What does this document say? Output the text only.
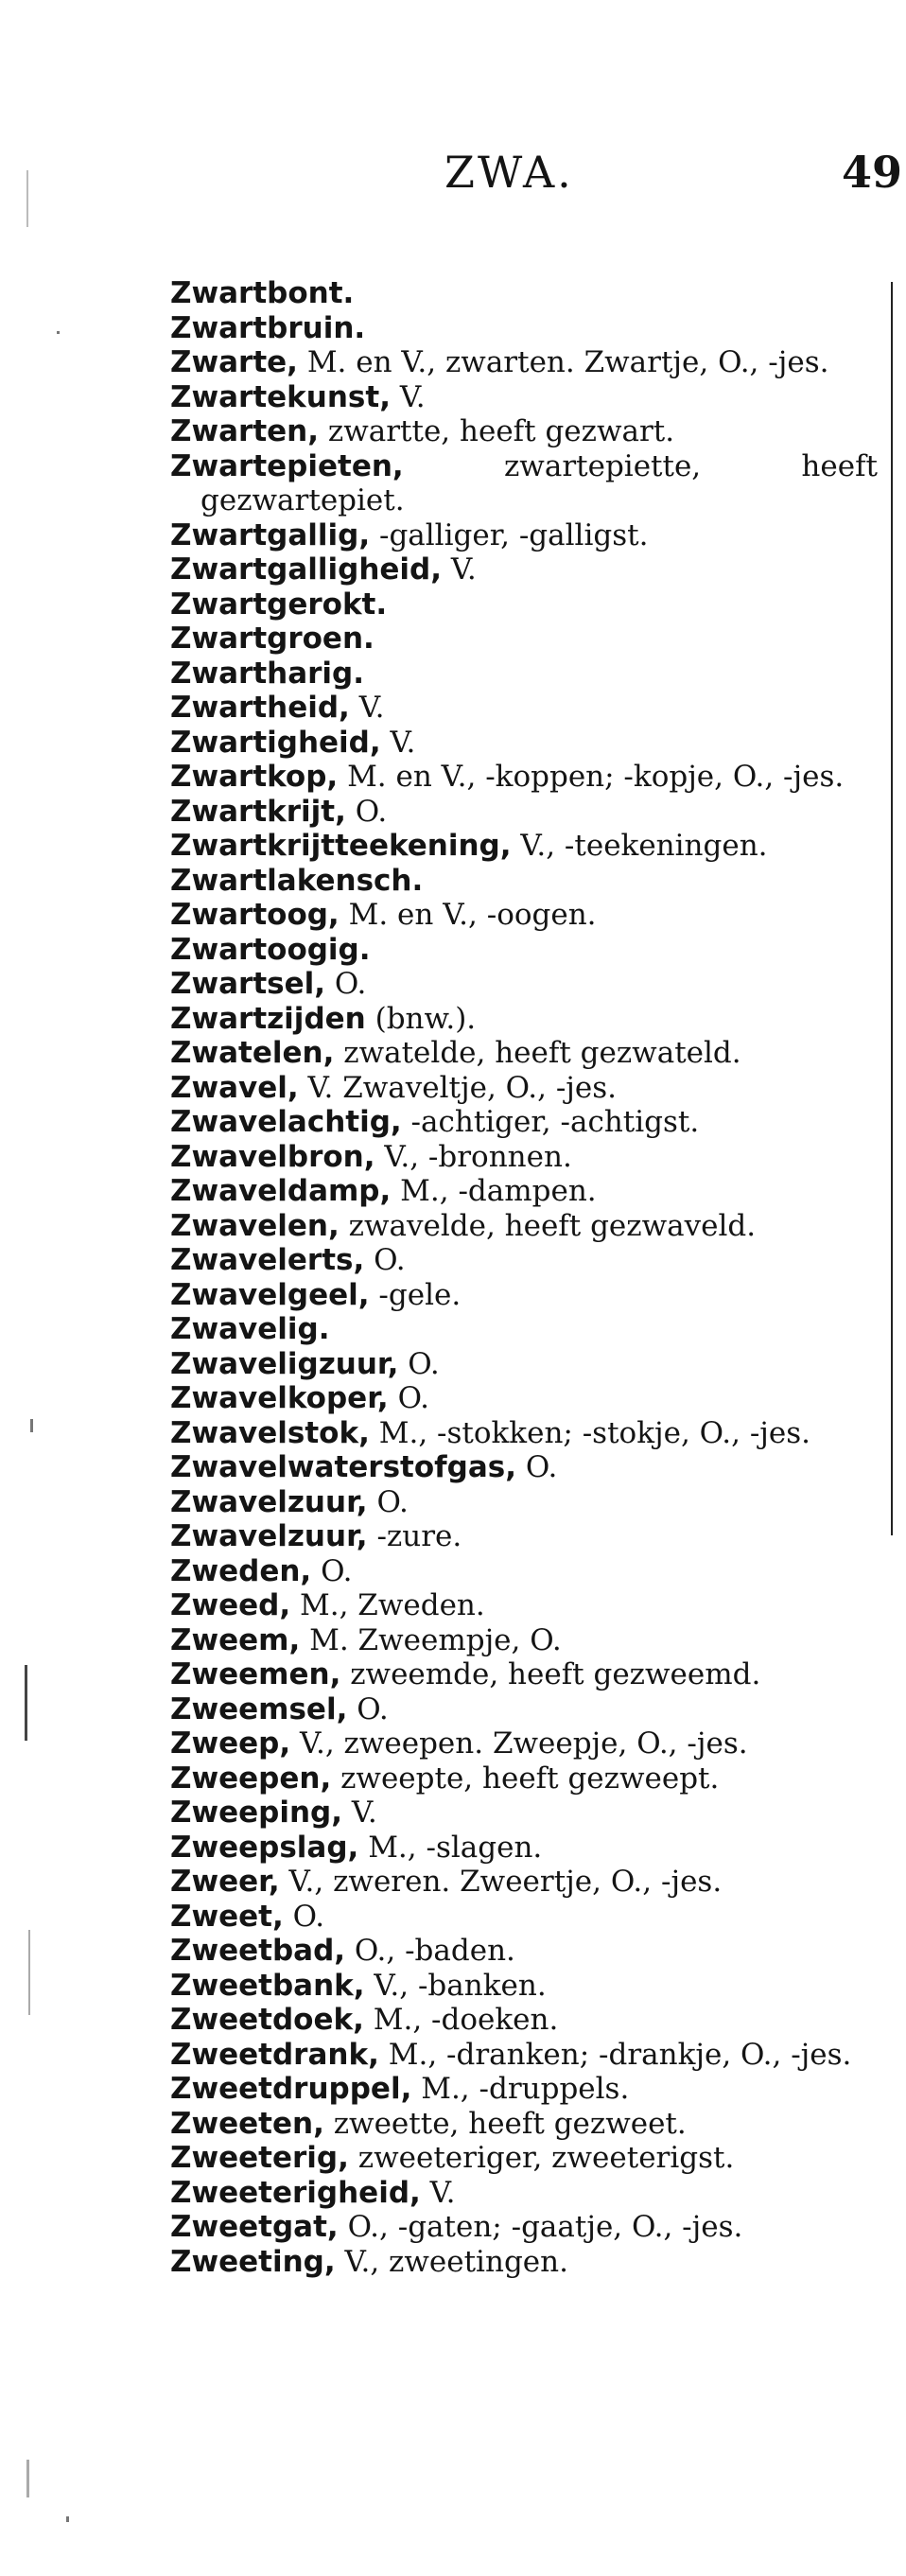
ZWA.	49

Zwartbont.

Zwartbruin.

Zwarte, M. en V., zwarten. Zwartje, O., -jes.

Zwartekunst, V.

Zwarten, zwartte, heeft gezwart.

Zwartepieten,	zwartepiette, heeft gezwartepiet.

Zwartgallig, -galliger, -galligst.

Zwartgalligheid, V.

Zwartgerokt.

Zwartgroen.

Zwartharig.

Zwartheid, V.

Zwartigheid, V.

Zwartkop, M. en V., -koppen; -kopje, O., -jes.

Zwartkrijt, O.

Zwartkrijtteekening, V., -teekeningen.

Zwartlakensch.

Zwartoog, M. en V., -oogen.

Zwartoogig.

Zwartsel, O.

Zwartzijden (bnw.).

Zwatelen, zwatelde, heeft gezwateld.

Zwavel, V. Zwaveltje, O., -jes.

Zwavelachtig, -achtiger, -achtigst.

Zwavelbron, V., -bronnen.

Zwaveldamp, M., -dampen.

Zwavelen, zwavelde, heeft gezwaveld.

Zwavelerts, O.

Zwavelgeel, -gele.

Zwavelig.

Zwaveligzuur, O.

Zwavelkoper, O.

Zwavelstok, M., -stokken; -stokje, O., -jes.

Zwavelwaterstofgas, O.

Zwavelzuur, O.

Zwavelzuur, -zure.

Zweden, O.

Zweed, M., Zweden.

Zweem, M. Zweempje, O.

Zweemen, zweemde, heeft gezweemd.

Zweemsel, O.

Zweep, V., zweepen. Zweepje, O., -jes.

Zweepen, zweepte, heeft gezweept.

Zweeping, V.

Zweepslag, M., -slagen.

Zweer, V., zweren. Zweertje, O., -jes.

Zweet, O.

Zweetbad, O., -baden.

Zweetbank, V., -banken.

Zweetdoek, M., -doeken.

Zweetdrank, M., -dranken; -drankje, O., -jes.

Zweetdruppel, M., -druppels.

Zweeten, zweette, heeft gezweet.

Zweeterig, zweeteriger, zweeterigst.

Zweeterigheid, V.

Zweetgat, O., -gaten; -gaatje, O., -jes.

Zweeting, V., zweetingen.
